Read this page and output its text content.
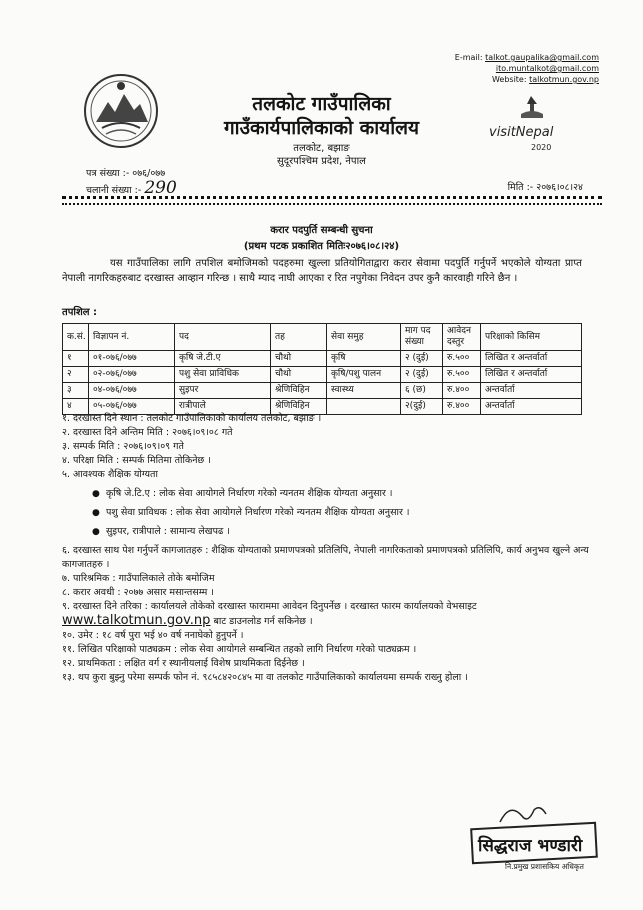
E-mail: talkot.gaupalika@gmail.com
ito.muntalkot@gmail.com
Website: talkotmun.gov.np
तलकोट गाउँपालिका
गाउँकार्यपालिकाको कार्यालय
तलकोट, बझाङ
सुदूरपश्चिम प्रदेश, नेपाल
visitNepal
2020
पत्र संख्या :- ०७६/०७७
चलानी संख्या :- 290	मिति :- २०७६।०८।२४
करार पदपुर्ति सम्बन्धी सुचना
(प्रथम पटक प्रकाशित मितिः२०७६।०८।२४)
यस गाउँपालिका लागि तपशिल बमोजिमको पदहरुमा खुल्ला प्रतियोगिताद्वारा करार सेवामा पदपुर्ति गर्नुपर्ने भएकोले योग्यता प्राप्त नेपाली नागरिकहरुबाट दरखास्त आव्हान गरिन्छ । साथै म्याद नाघी आएका र रित नपुगेका निवेदन उपर कुनै कारवाही गरिने छैन ।
तपशिल :
क.सं.	विज्ञापन नं.	पद	तह	सेवा समुह	माग पद संख्या	आवेदन दस्तुर	परिक्षाको किसिम
१	०१-०७६/०७७	कृषि जे.टी.ए	चौथो	कृषि	२ (दुई)	रु.५००	लिखित र अन्तर्वार्ता
२	०२-०७६/०७७	पशु सेवा प्राविधिक	चौथो	कृषि/पशु पालन	२ (दुई)	रु.५००	लिखित र अन्तर्वार्ता
३	०४-०७६/०७७	सुइपर	श्रेणिविहिन	स्वास्थ्य	६ (छ)	रु.४००	अन्तर्वार्ता
४	०५-०७६/०७७	रात्रीपाले	श्रेणिविहिन		२(दुई)	रु.४००	अन्तर्वार्ता

१. दरखास्त दिने स्थान : तलकोट गाउँपालिकाको कार्यालय तलकोट, बझाङ ।

२. दरखास्त दिने अन्तिम मिति : २०७६।०९।०८ गते

३. सम्पर्क मिति : २०७६।०९।०९ गते

४. परिक्षा मिति : सम्पर्क मितिमा तोकिनेछ ।

५. आवश्यक शैक्षिक योग्यता

● कृषि जे.टि.ए : लोक सेवा आयोगले निर्धारण गरेको न्यनतम शैक्षिक योग्यता अनुसार ।

● पशु सेवा प्राविधक : लोक सेवा आयोगले निर्धारण गरेको न्यनतम शैक्षिक योग्यता अनुसार ।

● सुइपर, रात्रीपाले : सामान्य लेखपढ ।

६. दरखास्त साथ पेश गर्नुपर्ने कागजातहरु : शैक्षिक योग्यताको प्रमाणपत्रको प्रतिलिपि, नेपाली नागरिकताको प्रमाणपत्रको प्रतिलिपि, कार्य अनुभव खुल्ने अन्य कागजातहरु ।

७. पारिश्रमिक : गाउँपालिकाले तोके बमोजिम

८. करार अवधी : २०७७ असार मसान्तसम्म ।

९. दरखास्त दिने तरिका : कार्यालयले तोकेको दरखास्त फाराममा आवेदन दिनुपर्नेछ । दरखास्त फारम कार्यालयको वेभसाइट www.talkotmun.gov.np बाट डाउनलोड गर्न सकिनेछ ।

१०. उमेर : १८ वर्ष पुरा भई ४० वर्ष ननाघेको हुनुपर्ने ।

११. लिखित परिक्षाको पाठ्यक्रम : लोक सेवा आयोगले सम्बन्धित तहको लागि निर्धारण गरेको पाठ्यक्रम ।

१२. प्राथमिकता : लक्षित वर्ग र स्थानीयलाई विशेष प्राथमिकता दिईनेछ ।

१३. थप कुरा बुझ्नु परेमा सम्पर्क फोन नं. ९८५८४२०८४५ मा वा तलकोट गाउँपालिकाको कार्यालयमा सम्पर्क राख्नु होला ।

सिद्धराज भण्डारी
नि.प्रमुख प्रशासकिय अधिकृत
